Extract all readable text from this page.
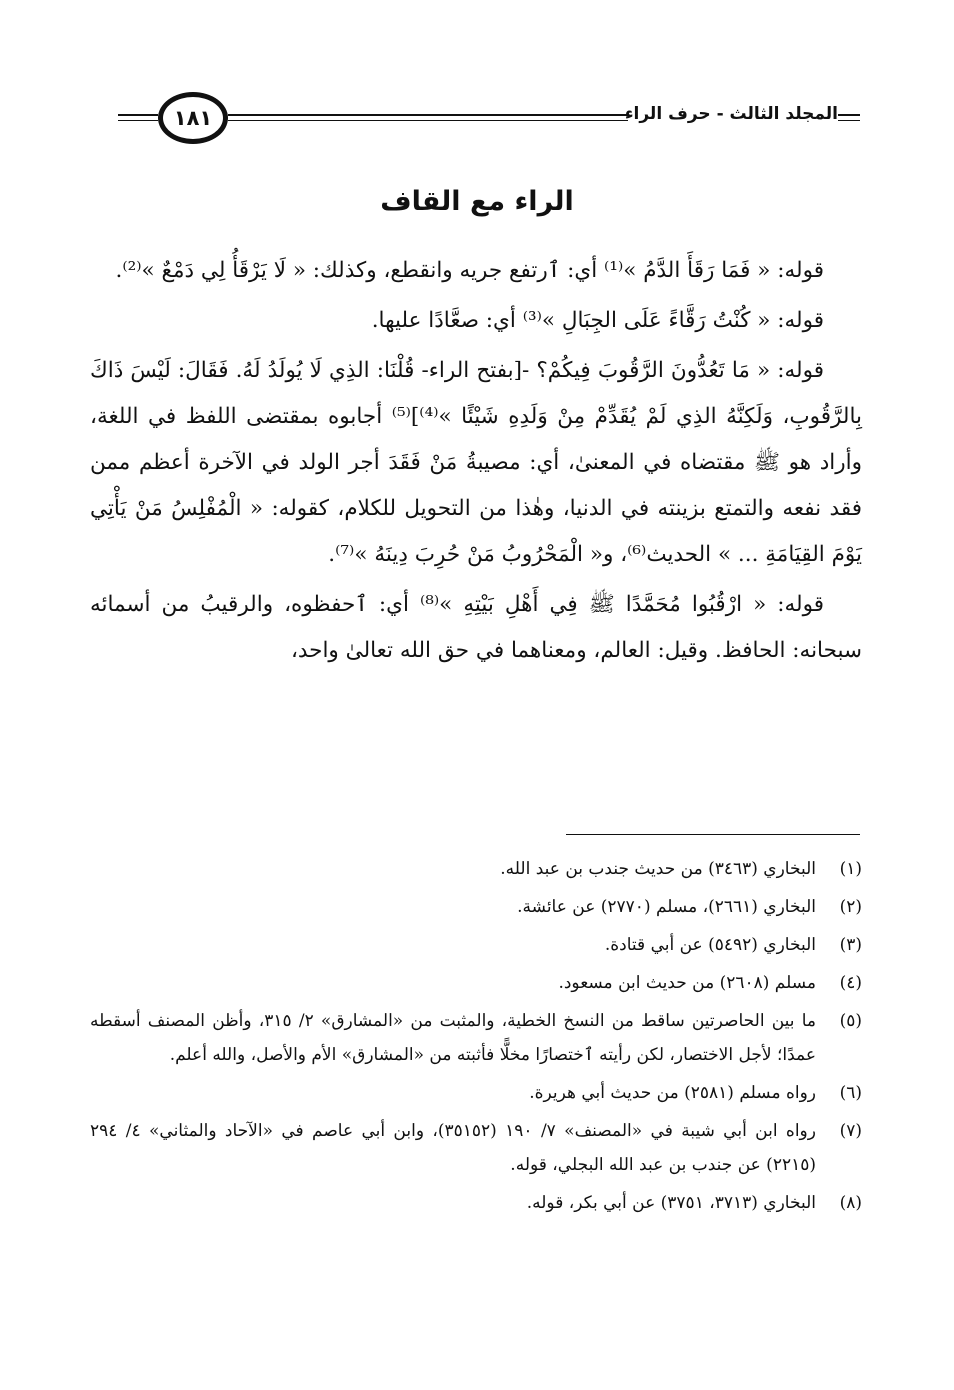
١٨١	المجلد الثالث - حرف الراء
الراء مع القاف

قوله: « فَمَا رَقَأَ الدَّمُ »⁽¹⁾ أي: ٱرتفع جريه وانقطع، وكذلك: « لَا يَرْقَأُ لِي دَمْعٌ »⁽²⁾.

قوله: « كُنْتُ رَقَّاءً عَلَى الجِبَالِ »⁽³⁾ أي: صعَّادًا عليها.

قوله: « مَا تَعُدُّونَ الرَّقُوبَ فِيكُمْ؟ -[بفتح الراء- قُلْنَا: الذِي لَا يُولَدُ لَهُ. فَقَالَ: لَيْسَ ذَاكَ بِالرَّقُوبِ، وَلَكِنَّهُ الذِي لَمْ يُقَدِّمْ مِنْ وَلَدِهِ شَيْئًا »⁽⁴⁾]⁽⁵⁾ أجابوه بمقتضى اللفظ في اللغة، وأراد هو ﷺ مقتضاه في المعنىٰ، أي: مصيبةُ مَنْ فَقَدَ أجر الولد في الآخرة أعظم ممن فقد نفعه والتمتع بزينته في الدنيا، وهٰذا من التحويل للكلام، كقوله: « الْمُفْلِسُ مَنْ يَأْتِي يَوْمَ القِيَامَةِ ... » الحديث⁽⁶⁾، و« الْمَحْرُوبُ مَنْ حُرِبَ دِينَهُ »⁽⁷⁾.

قوله: « ارْقُبُوا مُحَمَّدًا ﷺ فِي أَهْلِ بَيْتِهِ »⁽⁸⁾ أي: ٱحفظوه، والرقيبُ من أسمائه سبحانه: الحافظ. وقيل: العالم، ومعناهما في حق الله تعالىٰ واحد،

(١)
البخاري (٣٤٦٣) من حديث جندب بن عبد الله.
(٢)
البخاري (٢٦٦١)، مسلم (٢٧٧٠) عن عائشة.
(٣)
البخاري (٥٤٩٢) عن أبي قتادة.
(٤)
مسلم (٢٦٠٨) من حديث ابن مسعود.
(٥)
ما بين الحاصرتين ساقط من النسخ الخطية، والمثبت من «المشارق» ٢/ ٣١٥، وأظن المصنف أسقطه عمدًا؛ لأجل الاختصار، لكن رأيته ٱختصارًا مخلًّا فأثبته من «المشارق» الأم والأصل، والله أعلم.
(٦)
رواه مسلم (٢٥٨١) من حديث أبي هريرة.
(٧)
رواه ابن أبي شيبة في «المصنف» ٧/ ١٩٠ (٣٥١٥٢)، وابن أبي عاصم في «الآحاد والمثاني» ٤/ ٢٩٤ (٢٢١٥) عن جندب بن عبد الله البجلي، قوله.
(٨)
البخاري (٣٧١٣، ٣٧٥١) عن أبي بكر، قوله.
